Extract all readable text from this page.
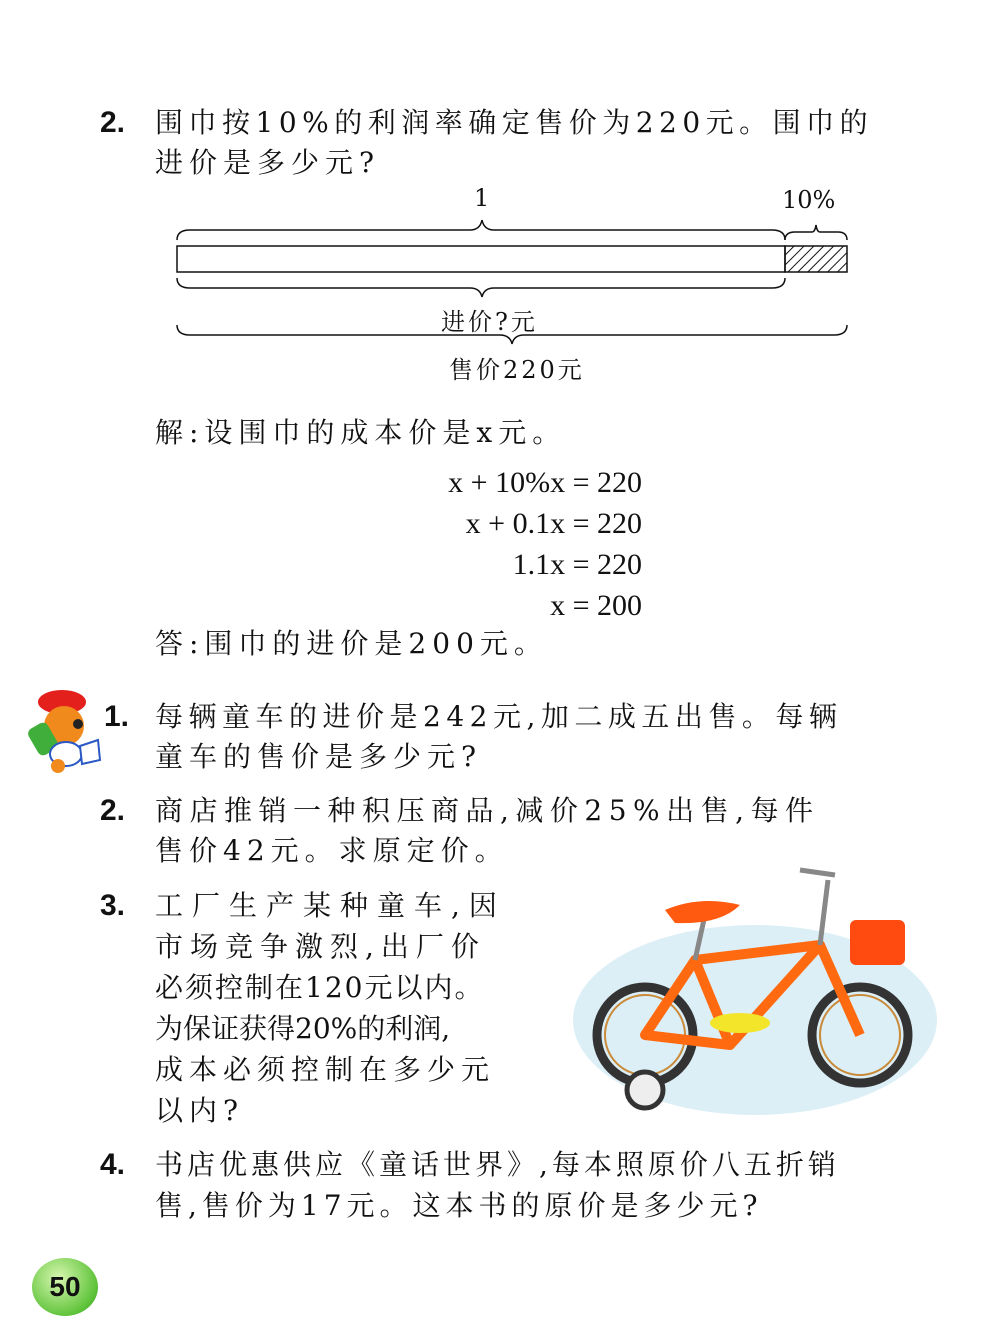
2. 围巾按10%的利润率确定售价为220元。围巾的
进价是多少元?
1	10%
进价?元
售价220元
解:设围巾的成本价是x元。
x + 10%x = 220
x + 0.1x = 220
1.1x = 220
x = 200
答:围巾的进价是200元。
1. 每辆童车的进价是242元,加二成五出售。每辆
童车的售价是多少元?
2. 商店推销一种积压商品,减价25%出售,每件
售价42元。求原定价。
3. 工厂生产某种童车,因
市场竞争激烈,出厂价
必须控制在120元以内。
为保证获得20%的利润,
成本必须控制在多少元
以内?
4. 书店优惠供应《童话世界》,每本照原价八五折销
售,售价为17元。这本书的原价是多少元?
50
